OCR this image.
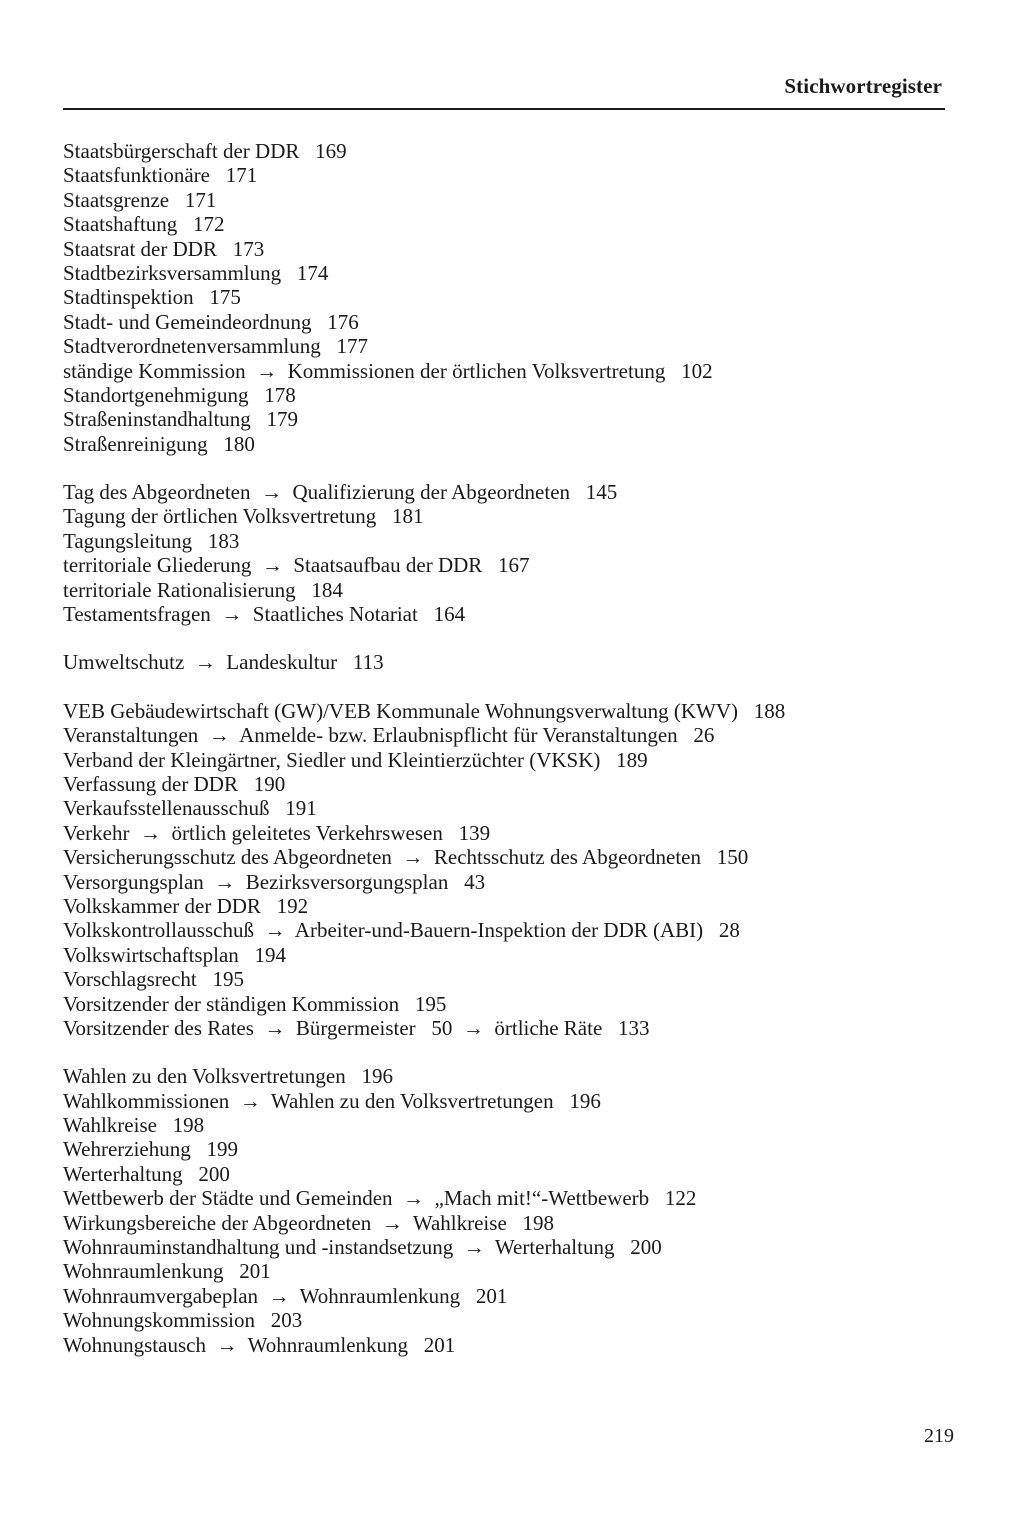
Stichwortregister
Staatsbürgerschaft der DDR   169
Staatsfunktionäre   171
Staatsgrenze   171
Staatshaftung   172
Staatsrat der DDR   173
Stadtbezirksversammlung   174
Stadtinspektion   175
Stadt- und Gemeindeordnung   176
Stadtverordnetenversammlung   177
ständige Kommission  →  Kommissionen der örtlichen Volksvertretung   102
Standortgenehmigung   178
Straßeninstandhaltung   179
Straßenreinigung   180
Tag des Abgeordneten  →  Qualifizierung der Abgeordneten   145
Tagung der örtlichen Volksvertretung   181
Tagungsleitung   183
territoriale Gliederung  →  Staatsaufbau der DDR   167
territoriale Rationalisierung   184
Testamentsfragen  →  Staatliches Notariat   164
Umweltschutz  →  Landeskultur   113
VEB Gebäudewirtschaft (GW)/VEB Kommunale Wohnungsverwaltung (KWV)   188
Veranstaltungen  →  Anmelde- bzw. Erlaubnispflicht für Veranstaltungen   26
Verband der Kleingärtner, Siedler und Kleintierzüchter (VKSK)   189
Verfassung der DDR   190
Verkaufsstellenausschuß   191
Verkehr  →  örtlich geleitetes Verkehrswesen   139
Versicherungsschutz des Abgeordneten  →  Rechtsschutz des Abgeordneten   150
Versorgungsplan  →  Bezirksversorgungsplan   43
Volkskammer der DDR   192
Volkskontrollausschuß  →  Arbeiter-und-Bauern-Inspektion der DDR (ABI)   28
Volkswirtschaftsplan   194
Vorschlagsrecht   195
Vorsitzender der ständigen Kommission   195
Vorsitzender des Rates  →  Bürgermeister   50  →  örtliche Räte   133
Wahlen zu den Volksvertretungen   196
Wahlkommissionen  →  Wahlen zu den Volksvertretungen   196
Wahlkreise   198
Wehrerziehung   199
Werterhaltung   200
Wettbewerb der Städte und Gemeinden  →  „Mach mit!“-Wettbewerb   122
Wirkungsbereiche der Abgeordneten  →  Wahlkreise   198
Wohnrauminstandhaltung und -instandsetzung  →  Werterhaltung   200
Wohnraumlenkung   201
Wohnraumvergabeplan  →  Wohnraumlenkung   201
Wohnungskommission   203
Wohnungstausch  →  Wohnraumlenkung   201
219
